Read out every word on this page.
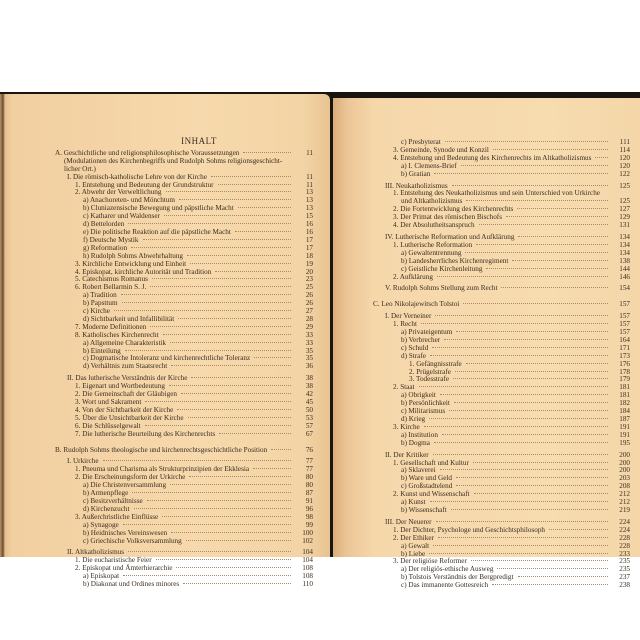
INHALT
A. Geschichtliche und religionsphilosophische Voraussetzungen	11
(Modulationen des Kirchenbegriffs und Rudolph Sohms religionsgeschicht-
licher Ort.)
I. Die römisch-katholische Lehre von der Kirche	11
1. Entstehung und Bedeutung der Grundstruktur	11
2. Abwehr der Verweltlichung	13
a) Anachoreten- und Mönchtum	13
b) Cluniazensische Bewegung und päpstliche Macht	13
c) Katharer und Waldenser	15
d) Bettelorden	16
e) Die politische Reaktion auf die päpstliche Macht	16
f) Deutsche Mystik	17
g) Reformation	17
h) Rudolph Sohms Abwehrhaltung	18
3. Kirchliche Entwicklung und Einheit	19
4. Episkopat, kirchliche Autorität und Tradition	20
5. Catechismus Romanus	23
6. Robert Bellarmin S. J.	25
a) Tradition	26
b) Papsttum	26
c) Kirche	27
d) Sichtbarkeit und Infallibilität	28
7. Moderne Definitionen	29
8. Katholisches Kirchenrecht	33
a) Allgemeine Charakteristik	33
b) Einteilung	35
c) Dogmatische Intoleranz und kirchenrechtliche Toleranz	35
d) Verhältnis zum Staatsrecht	36
II. Das lutherische Verständnis der Kirche	38
1. Eigenart und Wortbedeutung	38
2. Die Gemeinschaft der Gläubigen	42
3. Wort und Sakrament	45
4. Von der Sichtbarkeit der Kirche	50
5. Über die Unsichtbarkeit der Kirche	53
6. Die Schlüsselgewalt	57
7. Die lutherische Beurteilung des Kirchenrechts	67
B. Rudolph Sohms theologische und kirchenrechtsgeschichtliche Position	76
I. Urkirche	77
1. Pneuma und Charisma als Strukturprinzipien der Ekklesia	77
2. Die Erscheinungsform der Urkirche	80
a) Die Christenversammlung	80
b) Armenpflege	87
c) Besitzverhältnisse	91
d) Kirchenzucht	96
3. Außerchristliche Einflüsse	98
a) Synagoge	99
b) Heidnisches Vereinswesen	100
c) Griechische Volksversammlung	102
II. Altkatholizismus	104
1. Die eucharistische Feier	104
2. Episkopat und Ämterhierarchie	108
a) Episkopat	108
b) Diakonat und Ordines minores	110
c) Presbyterat	111
3. Gemeinde, Synode und Konzil	114
4. Entstehung und Bedeutung des Kirchenrechts im Altkatholizismus	120
a) I. Clemens-Brief	120
b) Gratian	122
III. Neukatholizismus	125
1. Entstehung des Neukatholizismus und sein Unterschied von Urkirche
und Altkatholizismus	125
2. Die Fortentwicklung des Kirchenrechts	127
3. Der Primat des römischen Bischofs	129
4. Der Absolutheitsanspruch	131
IV. Lutherische Reformation und Aufklärung	134
1. Lutherische Reformation	134
a) Gewaltentrennung	134
b) Landesherrliches Kirchenregiment	138
c) Geistliche Kirchenleitung	144
2. Aufklärung	146
V. Rudolph Sohms Stellung zum Recht	154
C. Leo Nikolajewitsch Tolstoi	157
I. Der Verneiner	157
1. Recht	157
a) Privateigentum	157
b) Verbrecher	164
c) Schuld	171
d) Strafe	173
1. Gefängnisstrafe	176
2. Prügelstrafe	178
3. Todesstrafe	179
2. Staat	181
a) Obrigkeit	181
b) Persönlichkeit	182
c) Militarismus	184
d) Krieg	187
3. Kirche	191
a) Institution	191
b) Dogma	195
II. Der Kritiker	200
1. Gesellschaft und Kultur	200
a) Sklaverei	200
b) Ware und Geld	203
c) Großstadtelend	208
2. Kunst und Wissenschaft	212
a) Kunst	212
b) Wissenschaft	219
III. Der Neuerer	224
1. Der Dichter, Psychologe und Geschichtsphilosoph	224
2. Der Ethiker	228
a) Gewalt	228
b) Liebe	233
3. Der religiöse Reformer	235
a) Der religiös-ethische Ausweg	235
b) Tolstois Verständnis der Bergpredigt	237
c) Das immanente Gottesreich	238
